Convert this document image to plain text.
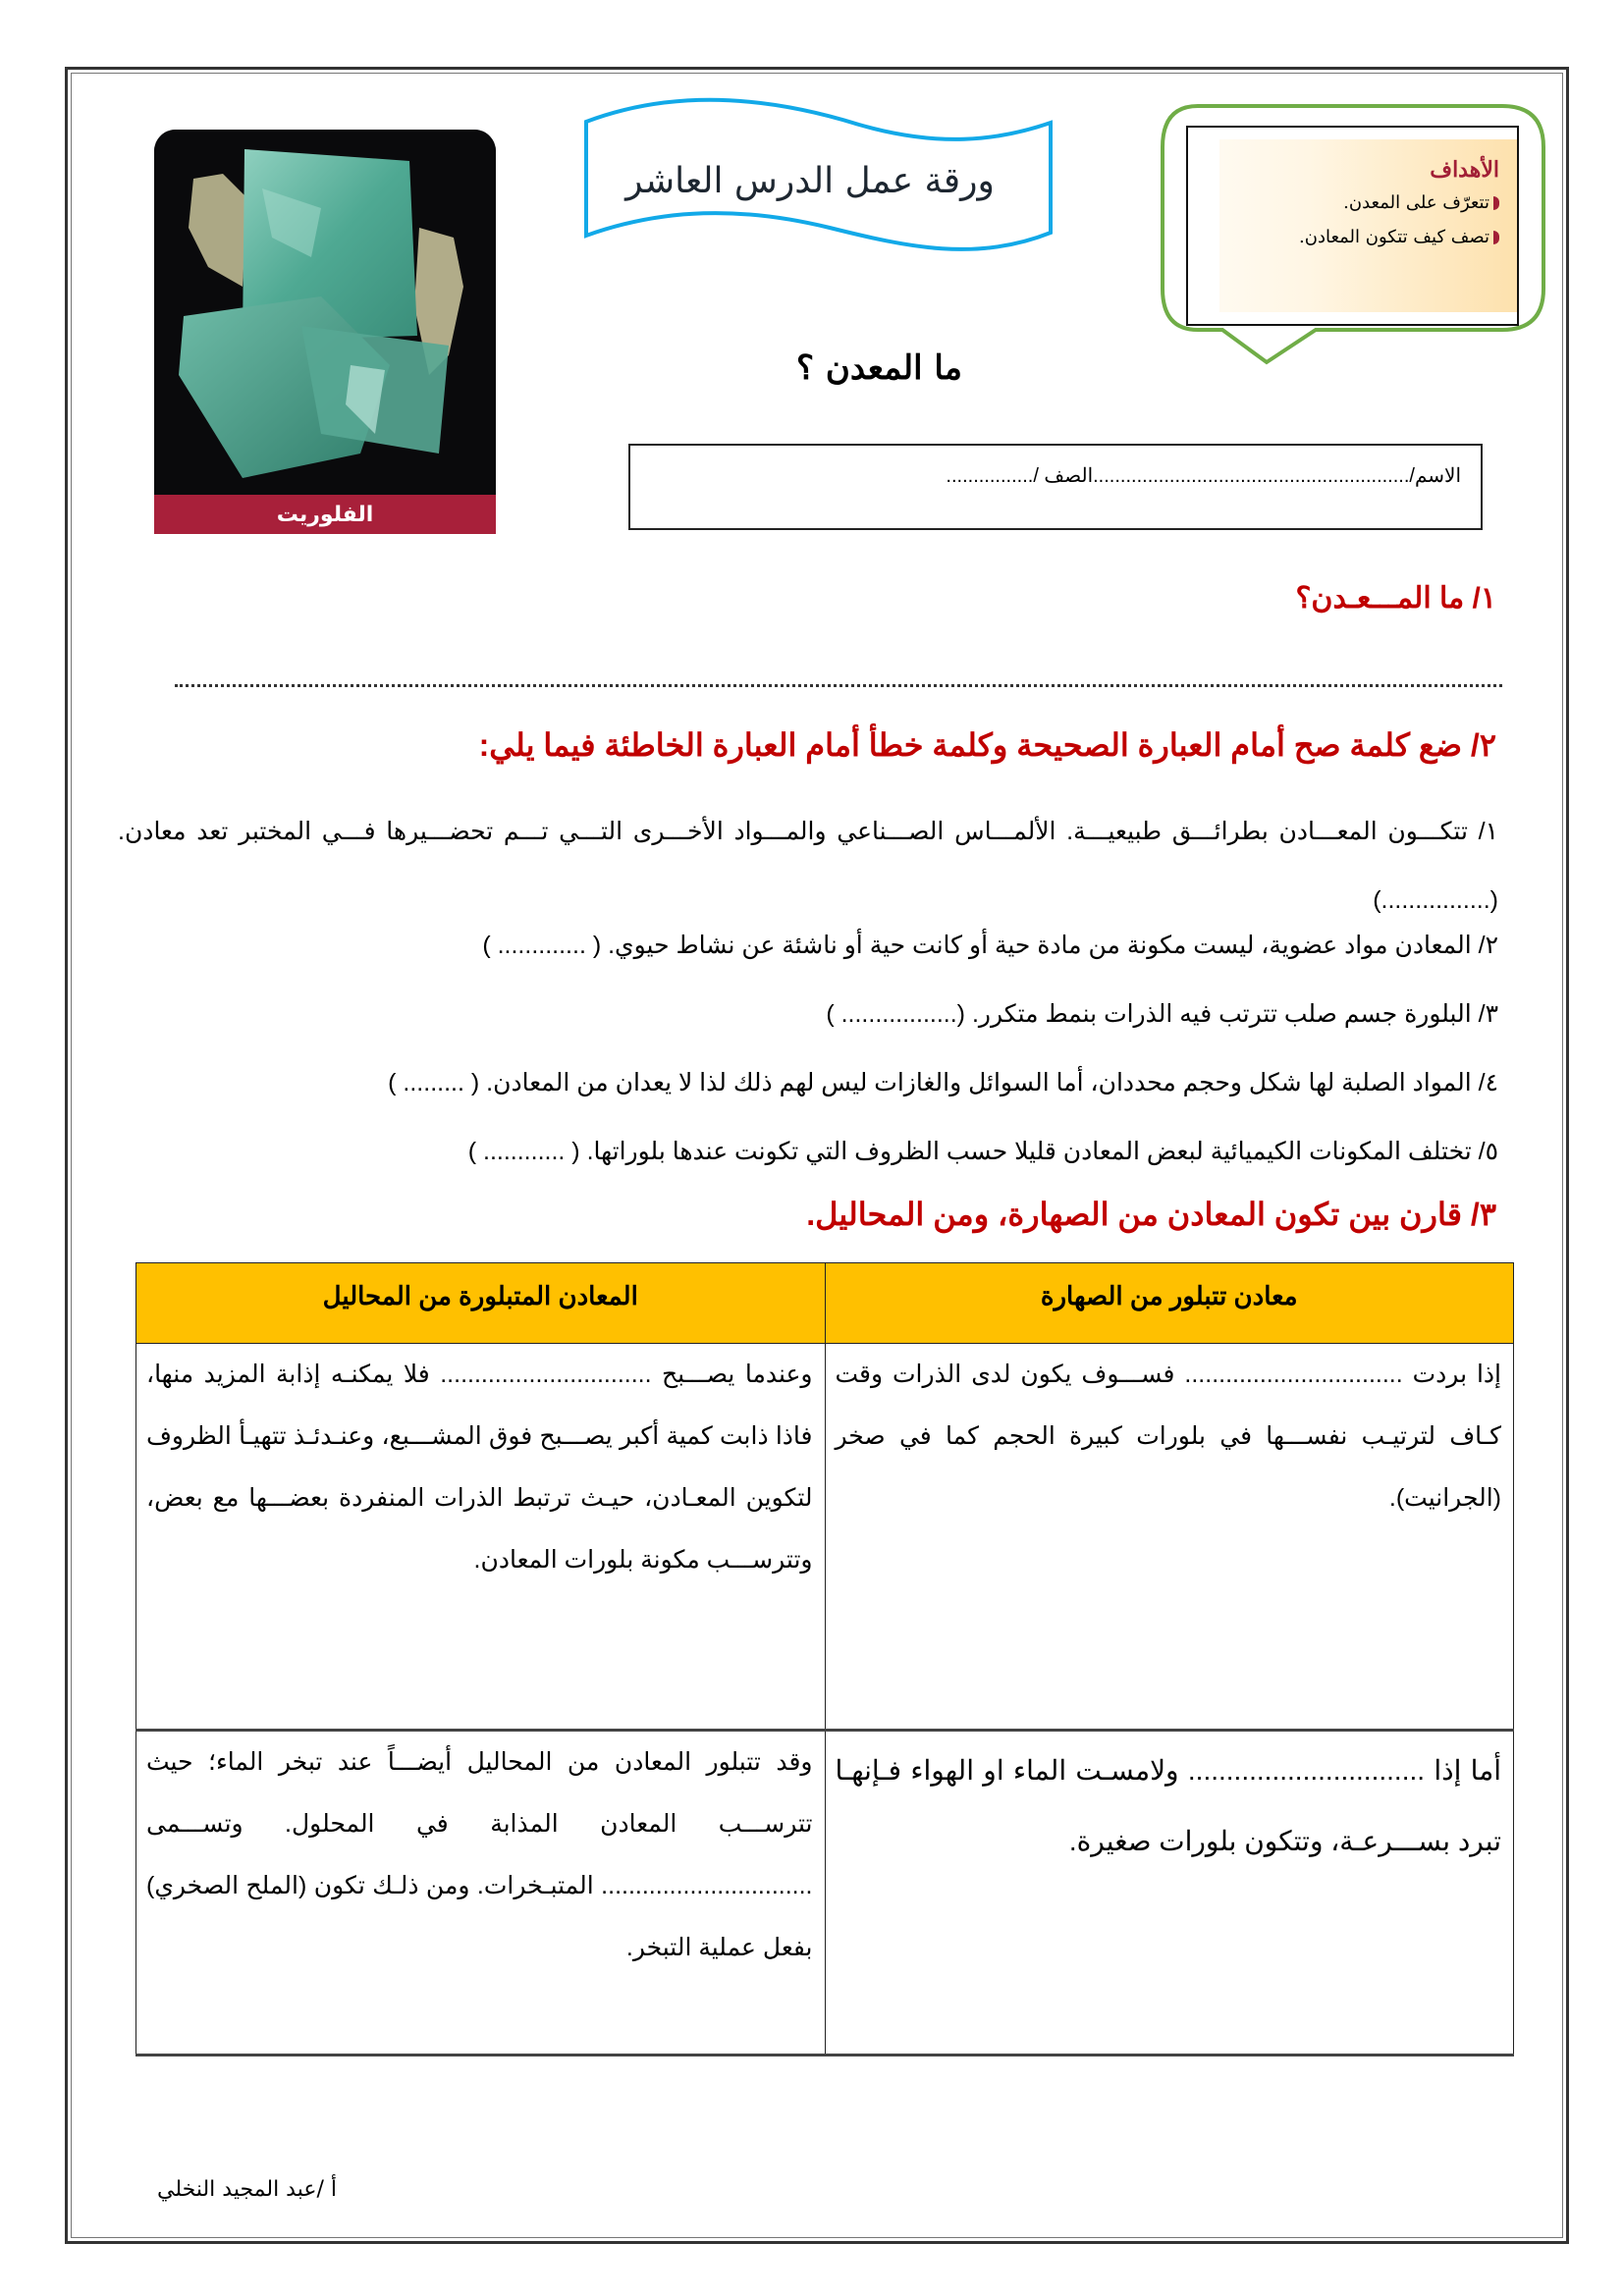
الفلوريت
ورقة عمل الدرس العاشر	الأهداف
تتعرّف على المعدن.
تصف كيف تتكون المعادن.
ما المعدن ؟
الاسم/..........................................................الصف /................
١/ ما المـــعـدن؟
٢/ ضع كلمة صح أمام العبارة الصحيحة وكلمة خطأ أمام العبارة الخاطئة فيما يلي:
١/ تتكـــون المعـــادن بطرائـــق طبيعيـــة. الألمـــاس الصـــناعي والمـــواد الأخـــرى التـــي تـــم تحضـــيرها فـــي المختبر تعد معادن. (................)
٢/ المعادن مواد عضوية، ليست مكونة من مادة حية أو كانت حية أو ناشئة عن نشاط حيوي. ( ............. )
٣/ البلورة جسم صلب تترتب فيه الذرات بنمط متكرر. (................. )
٤/ المواد الصلبة لها شكل وحجم محددان، أما السوائل والغازات ليس لهم ذلك لذا لا يعدان من المعادن. ( ......... )
٥/ تختلف المكونات الكيميائية لبعض المعادن قليلا حسب الظروف التي تكونت عندها بلوراتها. ( ............ )
٣/ قارن بين تكون المعادن من الصهارة، ومن المحاليل.
معادن تتبلور من الصهارة	المعادن المتبلورة من المحاليل
إذا بردت ................................ فســـوف يكون لدى الذرات وقت كـاف لترتيـب نفســـها في بلورات كبيرة الحجم كما في صخر (الجرانيت).	وعندما يصـــبح ............................... فلا يمكنـه إذابة المزيد منها، فاذا ذابت كمية أكبر يصـــبح فوق المشـــبع، وعنـدئـذ تتهيـأ الظروف لتكوين المعـادن، حيـث ترتبط الذرات المنفردة بعضـــها مع بعض، وتترســـب مكونة بلورات المعادن.
أما إذا ............................... ولامسـت الماء او الهواء فـإنهـا تبرد بســـرعـة، وتتكون بلورات صغيرة.	وقد تتبلور المعادن من المحاليل أيضـــاً عند تبخر الماء؛ حيث تترســـب المعادن المذابة في المحلول. وتســـمى ............................... المتبـخرات. ومن ذلـك تكون (الملح الصخري) بفعل عملية التبخر.
أ /عبد المجيد النخلي
